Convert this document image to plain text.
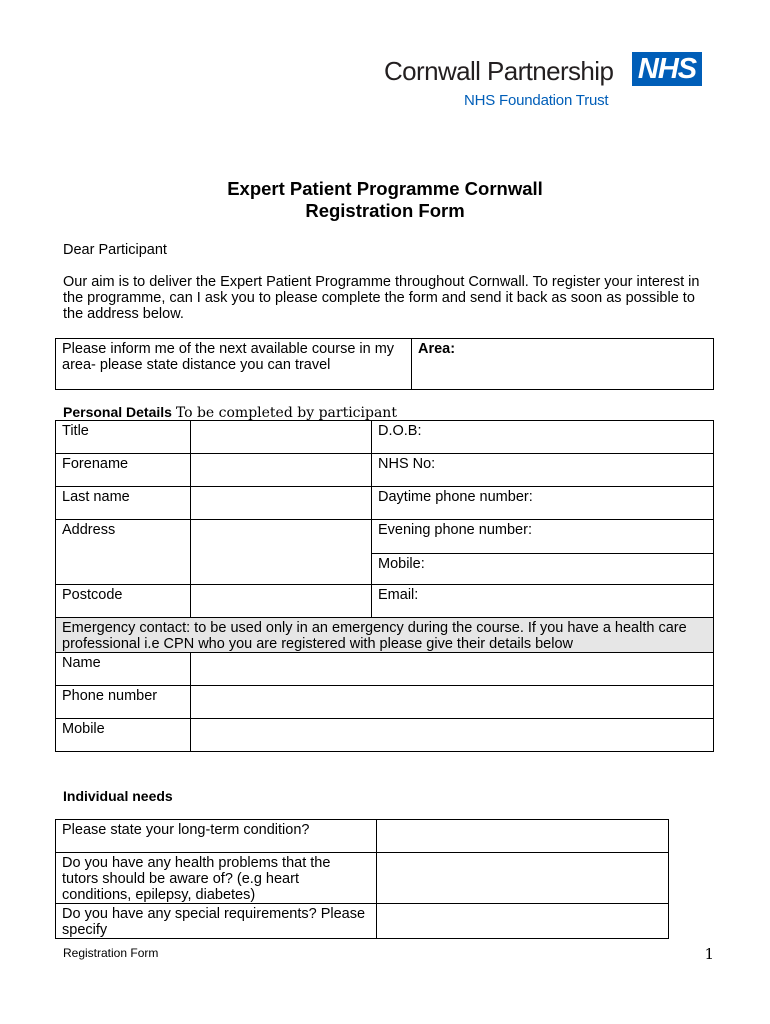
Cornwall Partnership NHS
NHS Foundation Trust
Expert Patient Programme Cornwall
Registration Form
Dear Participant
Our aim is to deliver the Expert Patient Programme throughout Cornwall. To register your interest in the programme, can I ask you to please complete the form and send it back as soon as possible to the address below.
Please inform me of the next available course in my area- please state distance you can travel	Area:
Personal Details To be completed by participant
Title		D.O.B:
Forename		NHS No:
Last name		Daytime phone number:
Address		Evening phone number:
		Mobile:
Postcode		Email:
Emergency contact: to be used only in an emergency during the course. If you have a health care professional i.e CPN who you are registered with please give their details below		
Name		
Phone number		
Mobile		
Individual needs
Please state your long-term condition?	
Do you have any health problems that the tutors should be aware of? (e.g heart conditions, epilepsy, diabetes)	
Do you have any special requirements? Please specify	
Registration Form	1
